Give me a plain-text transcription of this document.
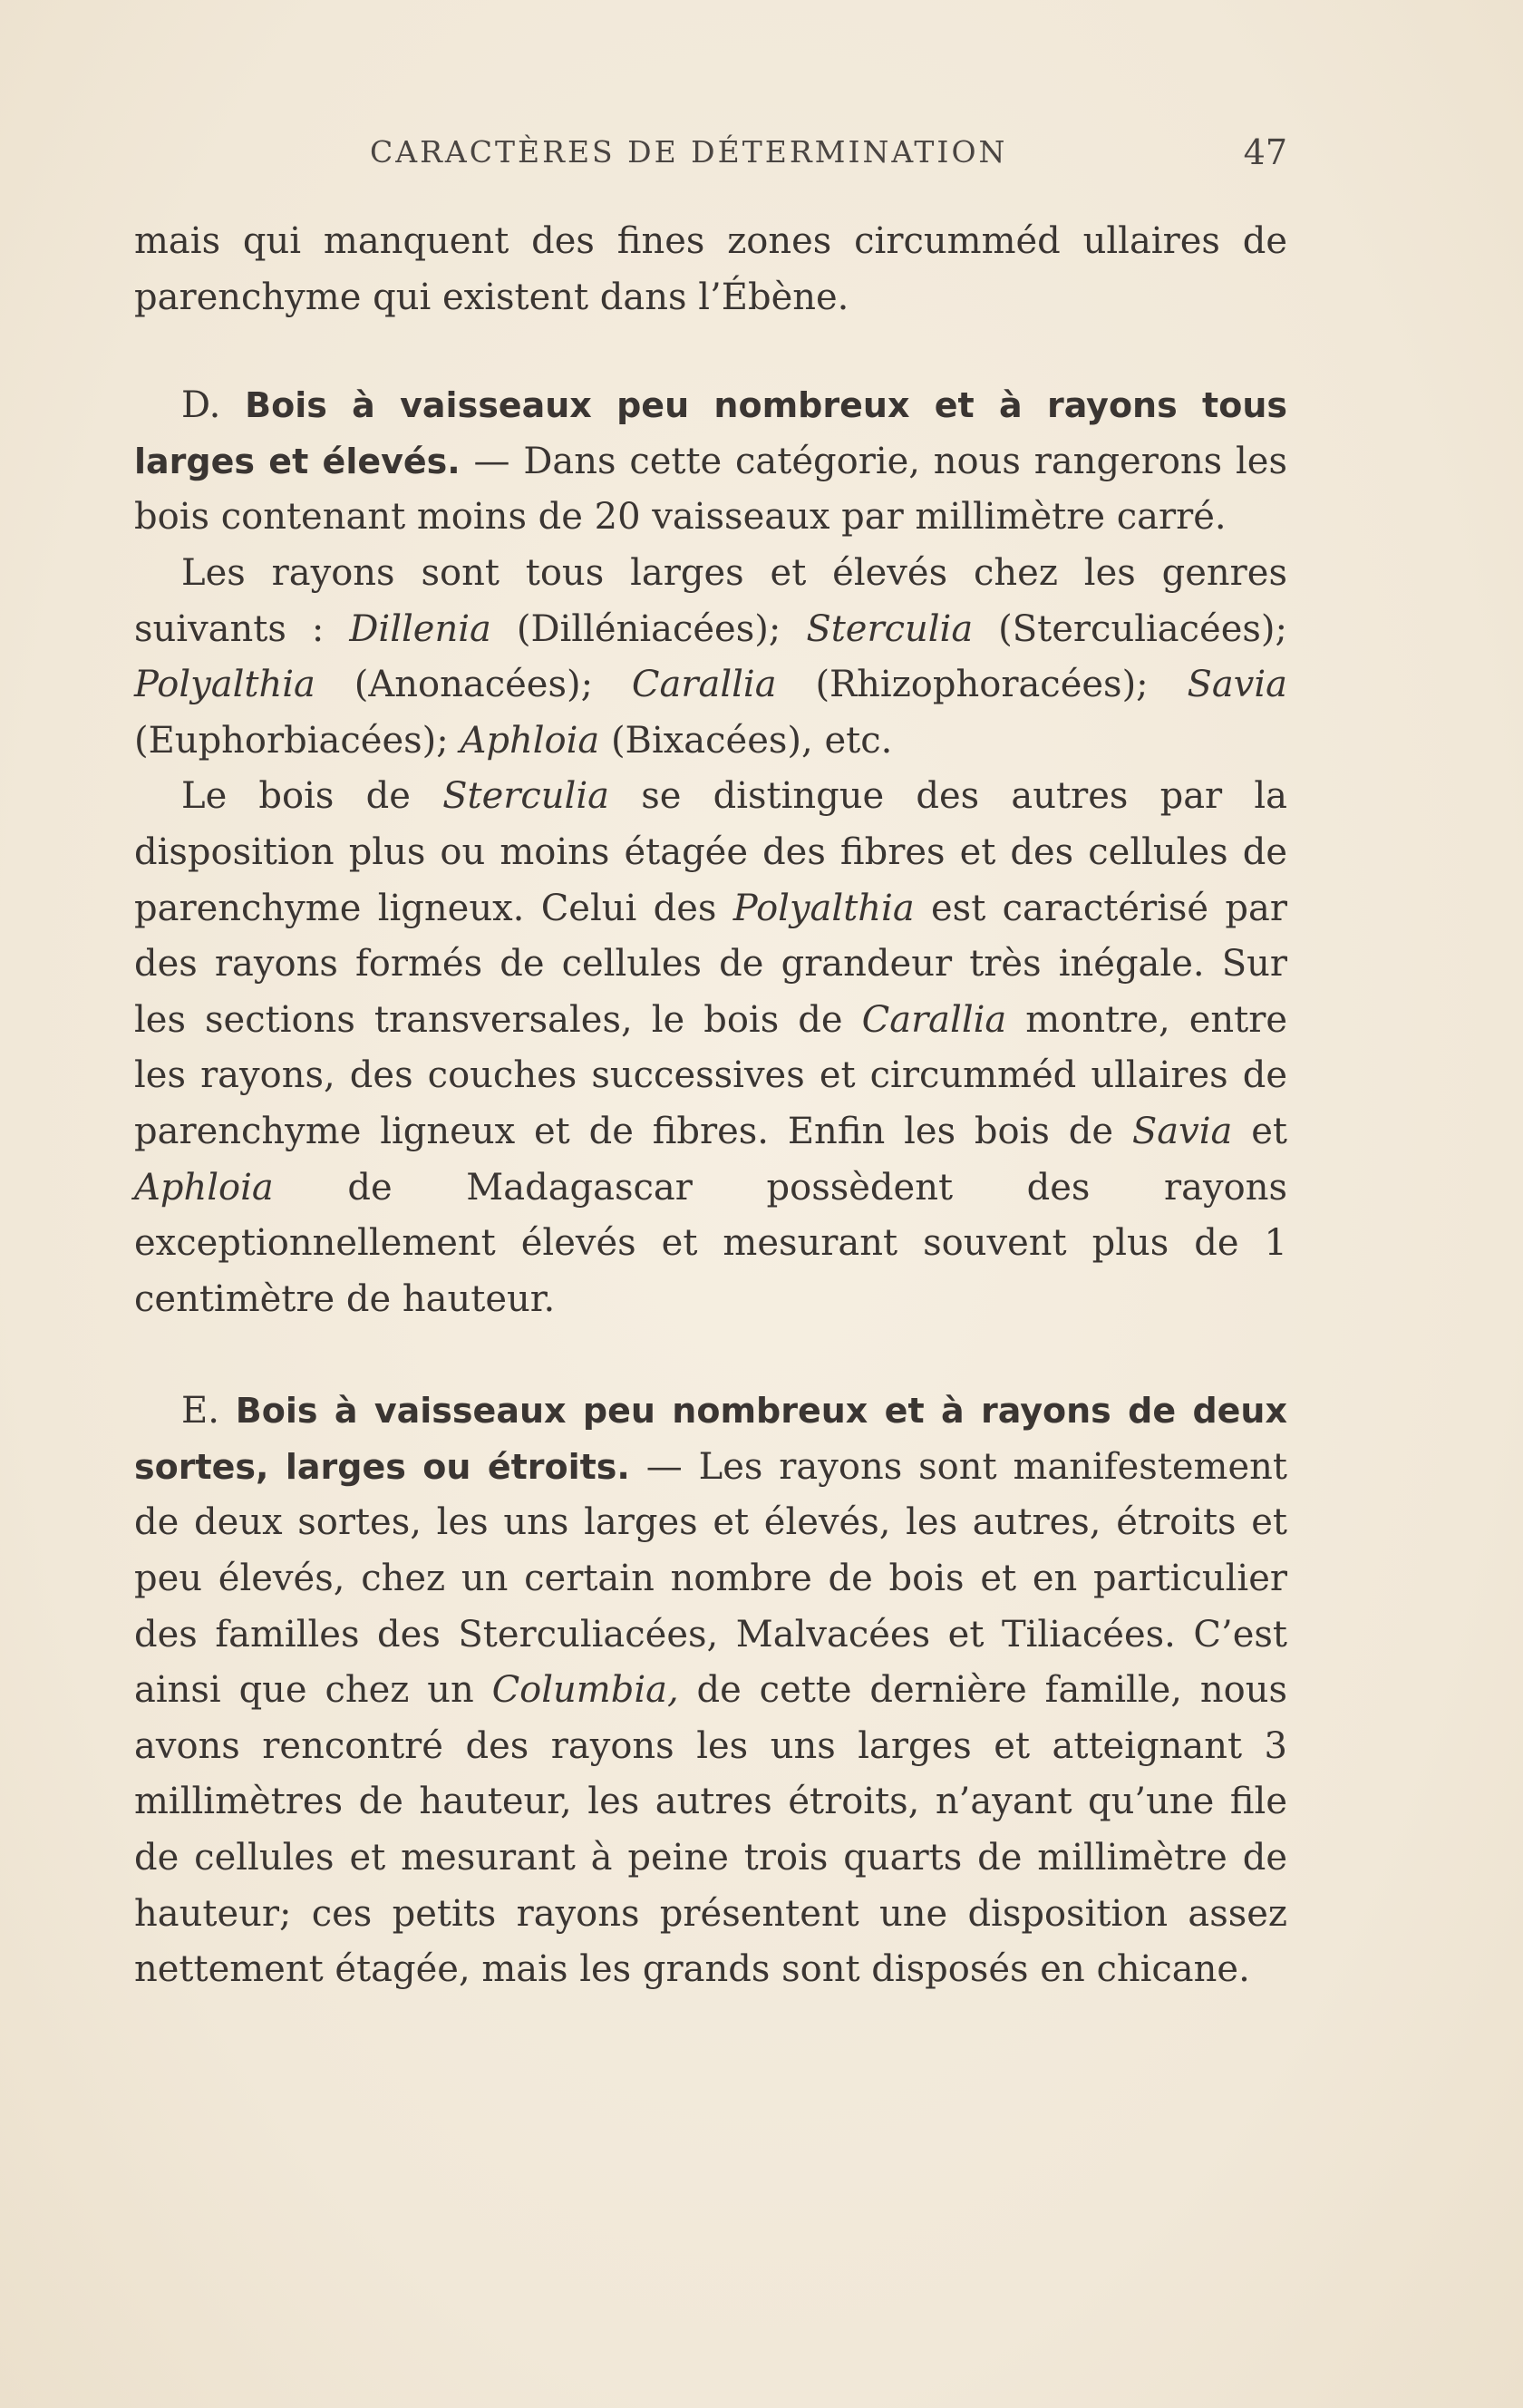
CARACTÈRES DE DÉTERMINATION	47

mais qui manquent des fines zones circumméd ullaires de parenchyme qui existent dans l’Ébène.

D. Bois à vaisseaux peu nombreux et à rayons tous larges et élevés. — Dans cette catégorie, nous rangerons les bois contenant moins de 20 vaisseaux par millimètre carré.

Les rayons sont tous larges et élevés chez les genres suivants : Dillenia (Dilléniacées); Sterculia (Sterculiacées); Polyalthia (Anonacées); Carallia (Rhizophoracées); Savia (Euphorbiacées); Aphloia (Bixacées), etc.

Le bois de Sterculia se distingue des autres par la disposition plus ou moins étagée des fibres et des cellules de parenchyme ligneux. Celui des Polyalthia est caractérisé par des rayons formés de cellules de grandeur très inégale. Sur les sections transversales, le bois de Carallia montre, entre les rayons, des couches successives et circumméd ullaires de parenchyme ligneux et de fibres. Enfin les bois de Savia et Aphloia de Madagascar possèdent des rayons exceptionnellement élevés et mesurant souvent plus de 1 centimètre de hauteur.

E. Bois à vaisseaux peu nombreux et à rayons de deux sortes, larges ou étroits. — Les rayons sont manifestement de deux sortes, les uns larges et élevés, les autres, étroits et peu élevés, chez un certain nombre de bois et en particulier des familles des Sterculiacées, Malvacées et Tiliacées. C’est ainsi que chez un Columbia, de cette dernière famille, nous avons rencontré des rayons les uns larges et atteignant 3 millimètres de hauteur, les autres étroits, n’ayant qu’une file de cellules et mesurant à peine trois quarts de millimètre de hauteur; ces petits rayons présentent une disposition assez nettement étagée, mais les grands sont disposés en chicane.
